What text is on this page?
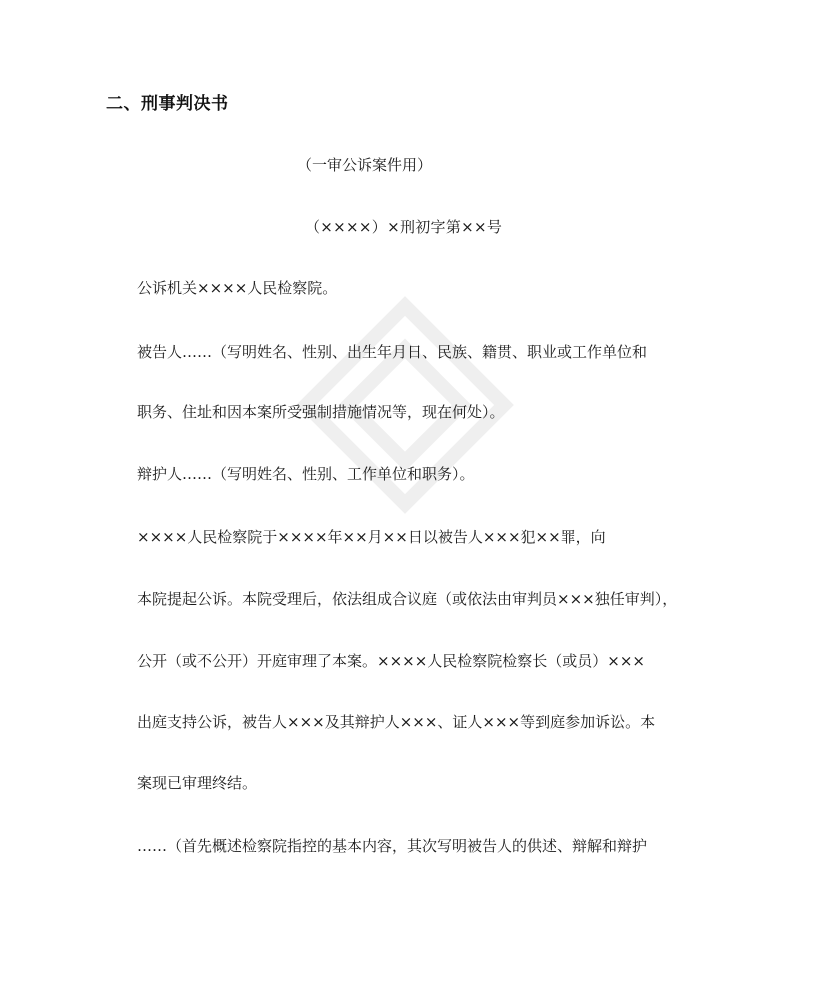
二、刑事判决书
（一审公诉案件用）
（××××）×刑初字第××号
公诉机关××××人民检察院。
被告人……（写明姓名、性别、出生年月日、民族、籍贯、职业或工作单位和
职务、住址和因本案所受强制措施情况等，现在何处）。
辩护人……（写明姓名、性别、工作单位和职务）。
××××人民检察院于××××年××月××日以被告人×××犯××罪，向
本院提起公诉。本院受理后，依法组成合议庭（或依法由审判员×××独任审判），
公开（或不公开）开庭审理了本案。××××人民检察院检察长（或员）×××
出庭支持公诉，被告人×××及其辩护人×××、证人×××等到庭参加诉讼。本
案现已审理终结。
……（首先概述检察院指控的基本内容，其次写明被告人的供述、辩解和辩护
